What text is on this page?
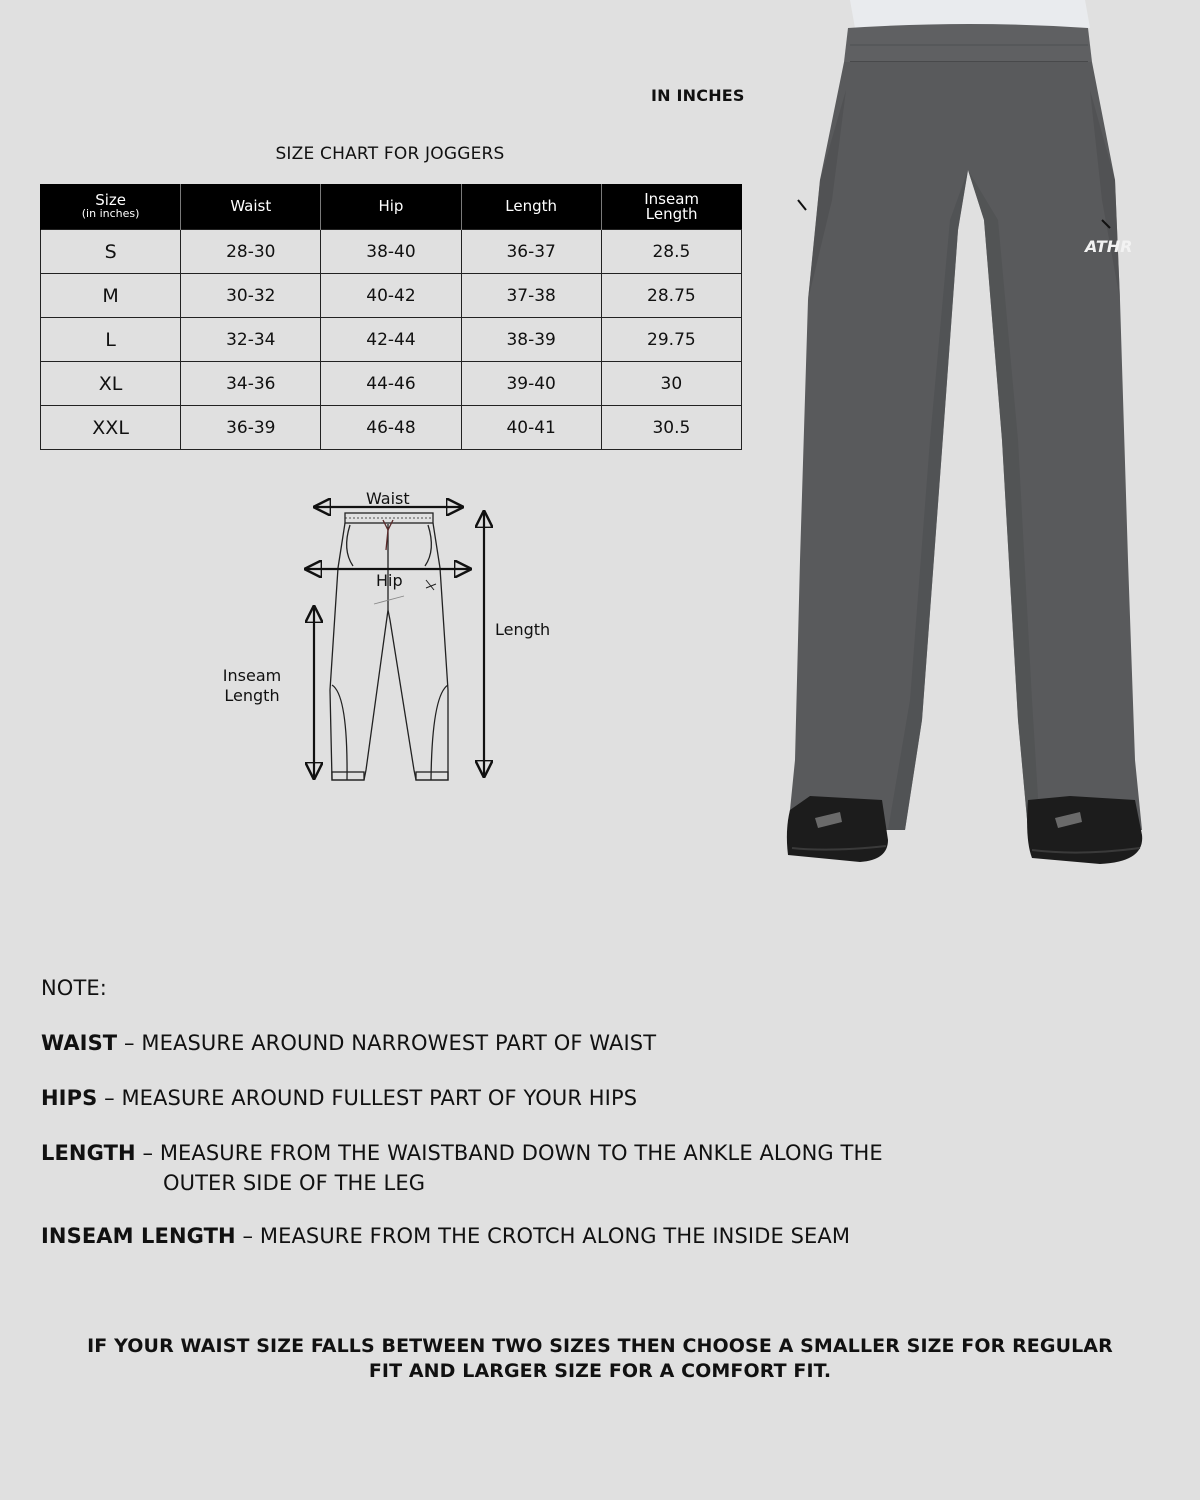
IN INCHES
SIZE CHART FOR JOGGERS
Size
(in inches)	Waist	Hip	Length	Inseam
Length

S	28-30	38-40	36-37	28.5
M	30-32	40-42	37-38	28.75
L	32-34	42-44	38-39	29.75
XL	34-36	44-46	39-40	30
XXL	36-39	46-48	40-41	30.5
Waist
Hip
Length
Inseam
Length
ATHR
NOTE:
WAIST – MEASURE AROUND NARROWEST PART OF WAIST
HIPS – MEASURE AROUND FULLEST PART OF YOUR HIPS
LENGTH – MEASURE FROM THE WAISTBAND DOWN TO THE ANKLE ALONG THE
OUTER SIDE OF THE LEG
INSEAM LENGTH – MEASURE FROM THE CROTCH ALONG THE INSIDE SEAM
IF YOUR WAIST SIZE FALLS BETWEEN TWO SIZES THEN CHOOSE A SMALLER SIZE FOR REGULAR
FIT AND LARGER SIZE FOR A COMFORT FIT.
